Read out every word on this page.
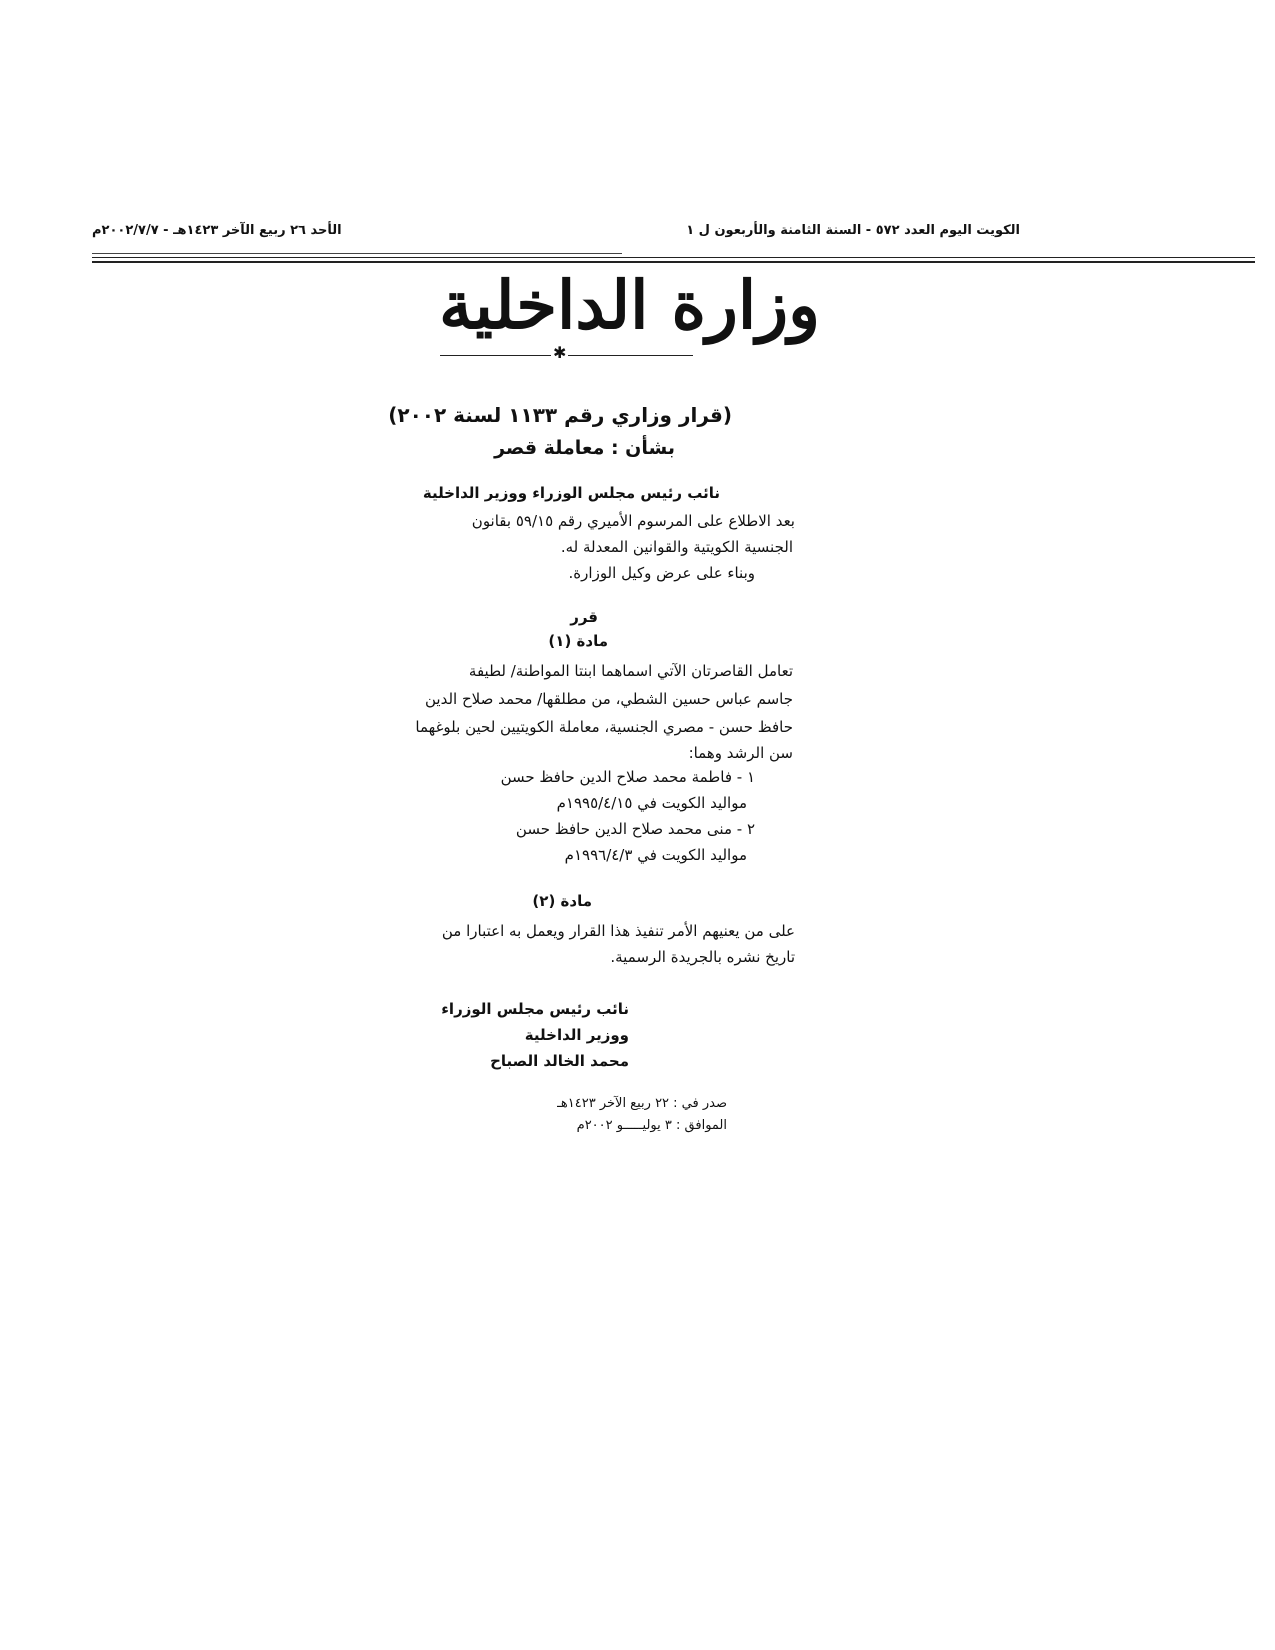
الكويت اليوم العدد ٥٧٢ - السنة الثامنة والأربعون ل ١
الأحد ٢٦ ربيع الآخر ١٤٢٣هـ - ٢٠٠٢/٧/٧م
وزارة الداخلية
✱
(قرار وزاري رقم ١١٣٣ لسنة ٢٠٠٢)
بشأن : معاملة قصر
نائب رئيس مجلس الوزراء ووزير الداخلية
بعد الاطلاع على المرسوم الأميري رقم ٥٩/١٥ بقانون
الجنسية الكويتية والقوانين المعدلة له.
وبناء على عرض وكيل الوزارة.
قرر
مادة (١)
تعامل القاصرتان الآتي اسماهما ابنتا المواطنة/ لطيفة
جاسم عباس حسين الشطي، من مطلقها/ محمد صلاح الدين
حافظ حسن - مصري الجنسية، معاملة الكويتيين لحين بلوغهما
سن الرشد وهما:
١ - فاطمة محمد صلاح الدين حافظ حسن
مواليد الكويت في ١٩٩٥/٤/١٥م
٢ - منى محمد صلاح الدين حافظ حسن
مواليد الكويت في ١٩٩٦/٤/٣م
مادة (٢)
على من يعنيهم الأمر تنفيذ هذا القرار ويعمل به اعتبارا من
تاريخ نشره بالجريدة الرسمية.
نائب رئيس مجلس الوزراء
ووزير الداخلية
محمد الخالد الصباح
صدر في : ٢٢ ربيع الآخر ١٤٢٣هـ
الموافق : ٣ يوليـــــو ٢٠٠٢م
